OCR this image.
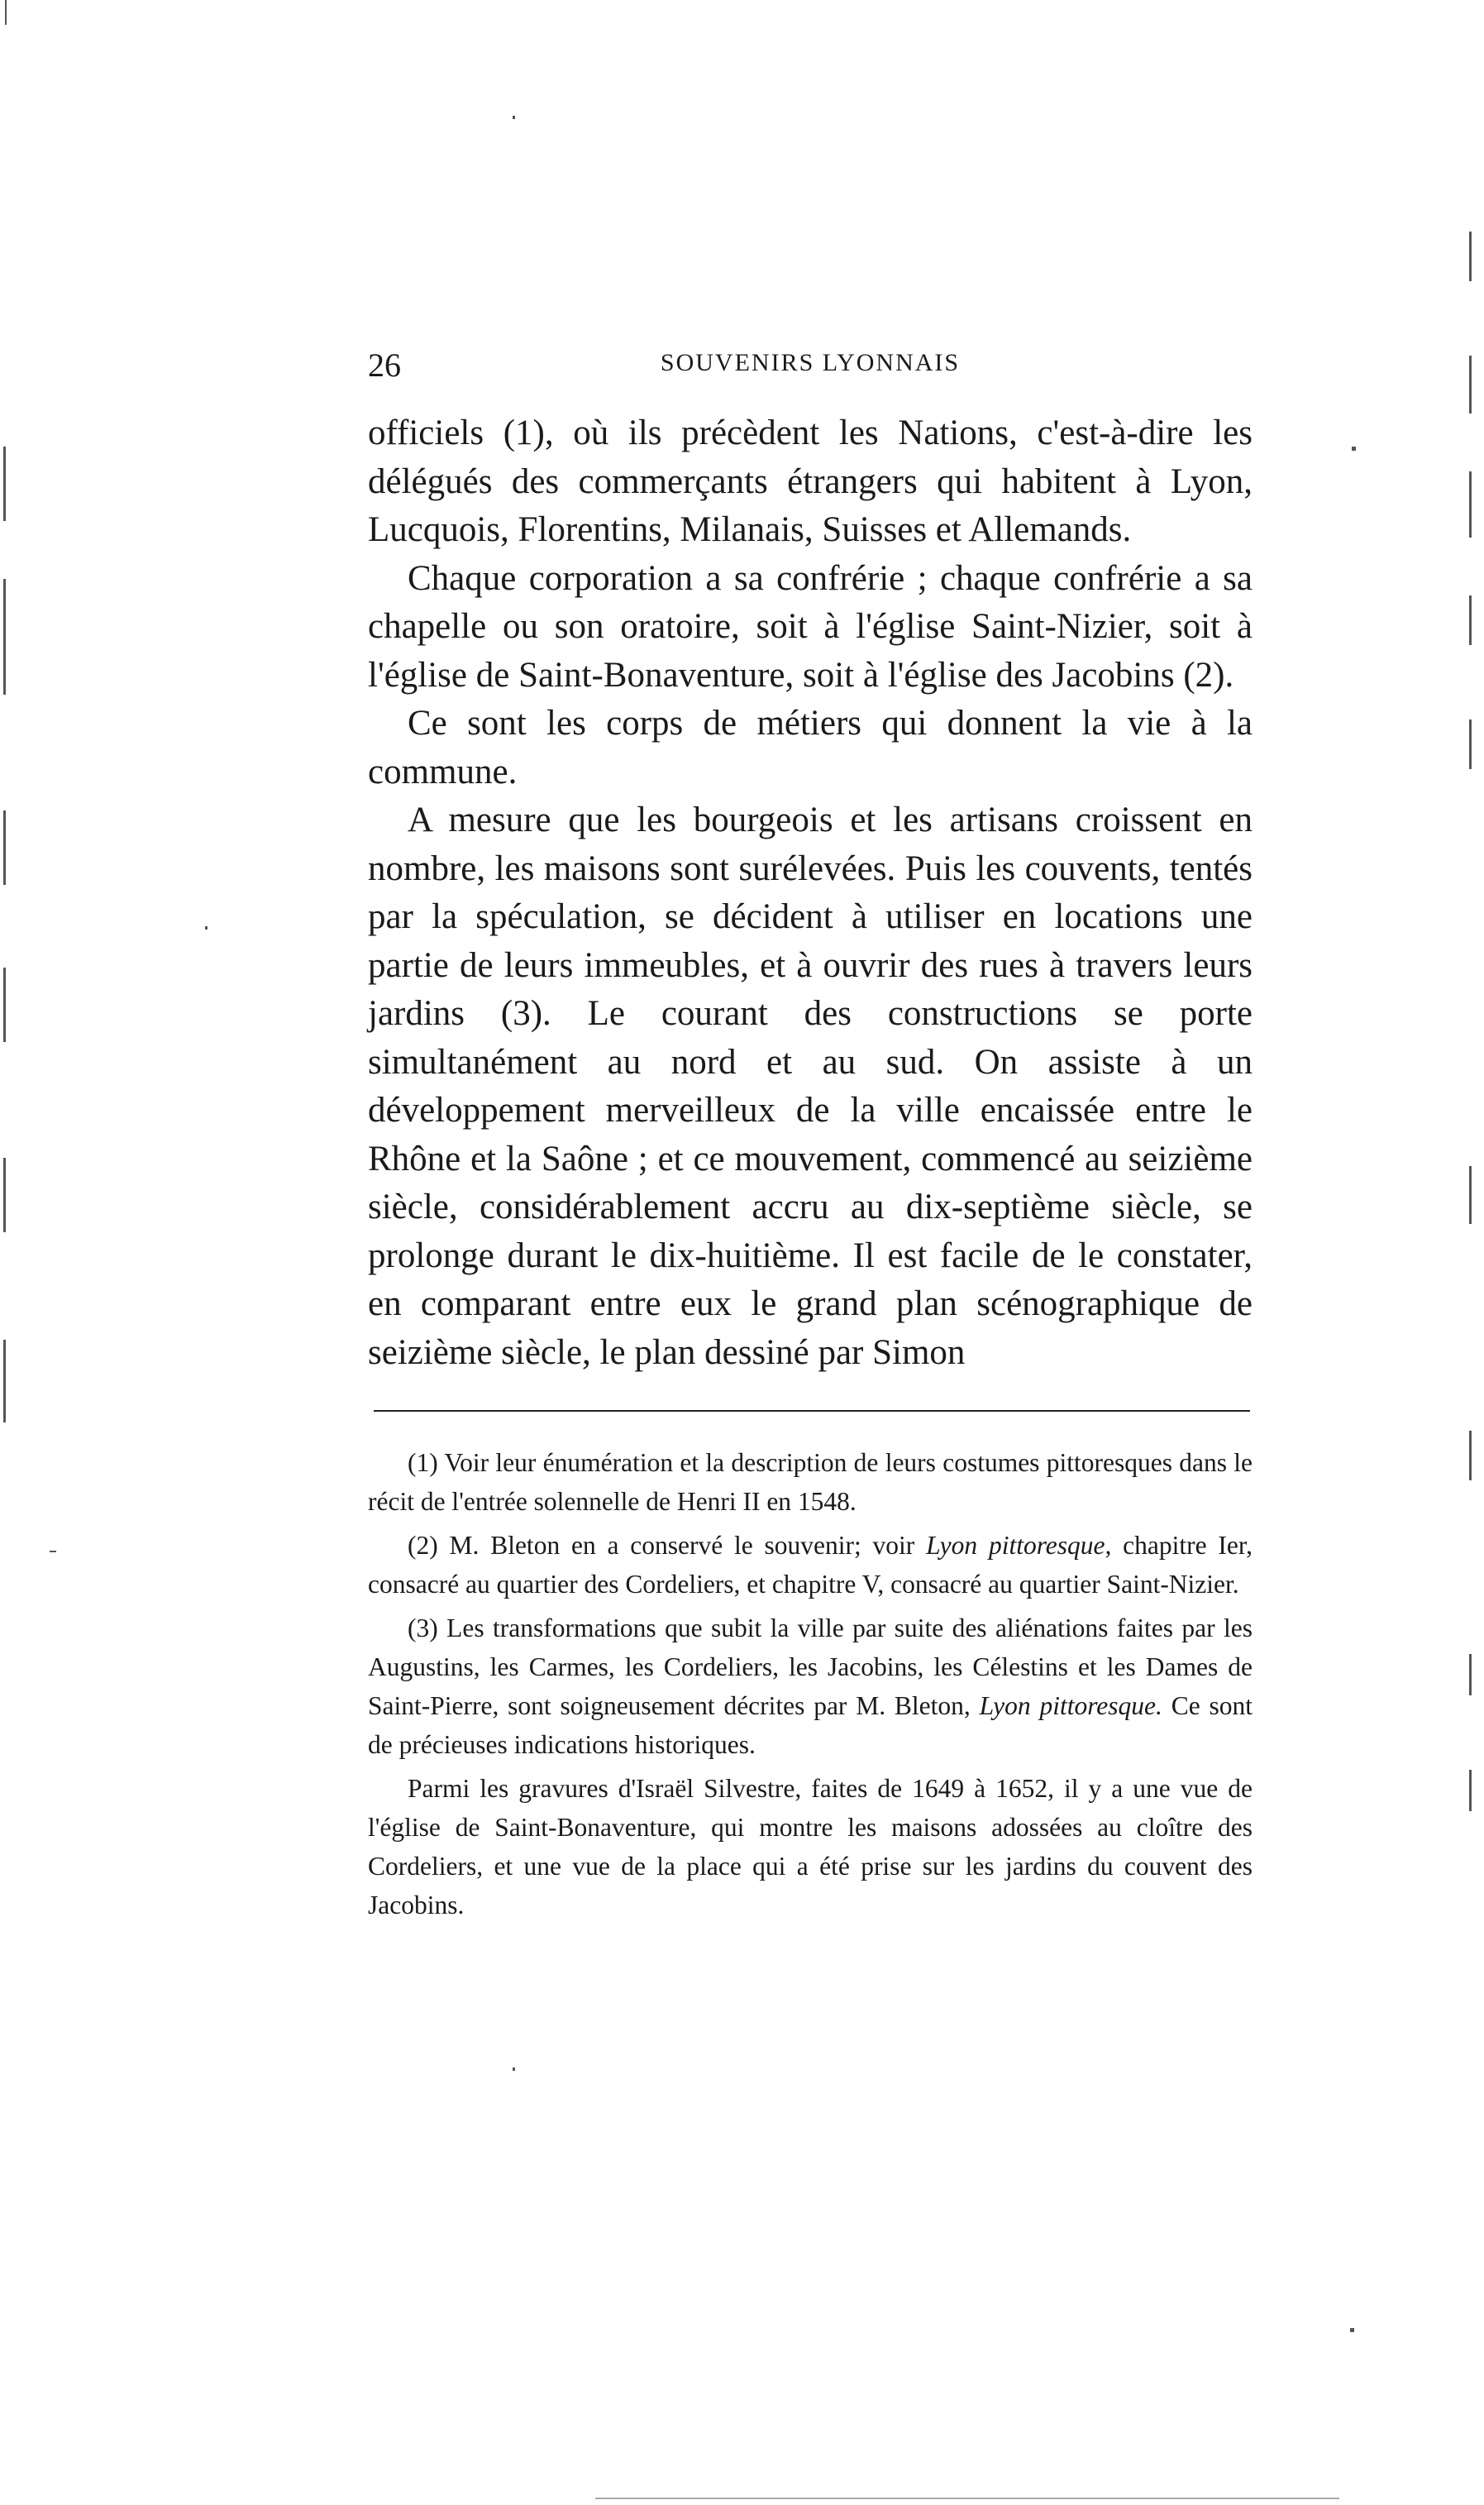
26	SOUVENIRS LYONNAIS

officiels (1), où ils précèdent les Nations, c'est-à-dire les délégués des commerçants étrangers qui habitent à Lyon, Lucquois, Florentins, Milanais, Suisses et Allemands.

Chaque corporation a sa confrérie ; chaque confrérie a sa chapelle ou son oratoire, soit à l'église Saint-Nizier, soit à l'église de Saint-Bonaventure, soit à l'église des Jacobins (2).

Ce sont les corps de métiers qui donnent la vie à la commune.

A mesure que les bourgeois et les artisans croissent en nombre, les maisons sont surélevées. Puis les couvents, tentés par la spéculation, se décident à utiliser en locations une partie de leurs immeubles, et à ouvrir des rues à travers leurs jardins (3). Le courant des constructions se porte simultanément au nord et au sud. On assiste à un développement merveilleux de la ville encaissée entre le Rhône et la Saône ; et ce mouvement, commencé au seizième siècle, considérablement accru au dix-septième siècle, se prolonge durant le dix-huitième. Il est facile de le constater, en comparant entre eux le grand plan scénographique de seizième siècle, le plan dessiné par Simon

(1) Voir leur énumération et la description de leurs costumes pittoresques dans le récit de l'entrée solennelle de Henri II en 1548.

(2) M. Bleton en a conservé le souvenir; voir Lyon pittoresque, chapitre Ier, consacré au quartier des Cordeliers, et chapitre V, consacré au quartier Saint-Nizier.

(3) Les transformations que subit la ville par suite des aliénations faites par les Augustins, les Carmes, les Cordeliers, les Jacobins, les Célestins et les Dames de Saint-Pierre, sont soigneusement décrites par M. Bleton, Lyon pittoresque. Ce sont de précieuses indications historiques.

Parmi les gravures d'Israël Silvestre, faites de 1649 à 1652, il y a une vue de l'église de Saint-Bonaventure, qui montre les maisons adossées au cloître des Cordeliers, et une vue de la place qui a été prise sur les jardins du couvent des Jacobins.
